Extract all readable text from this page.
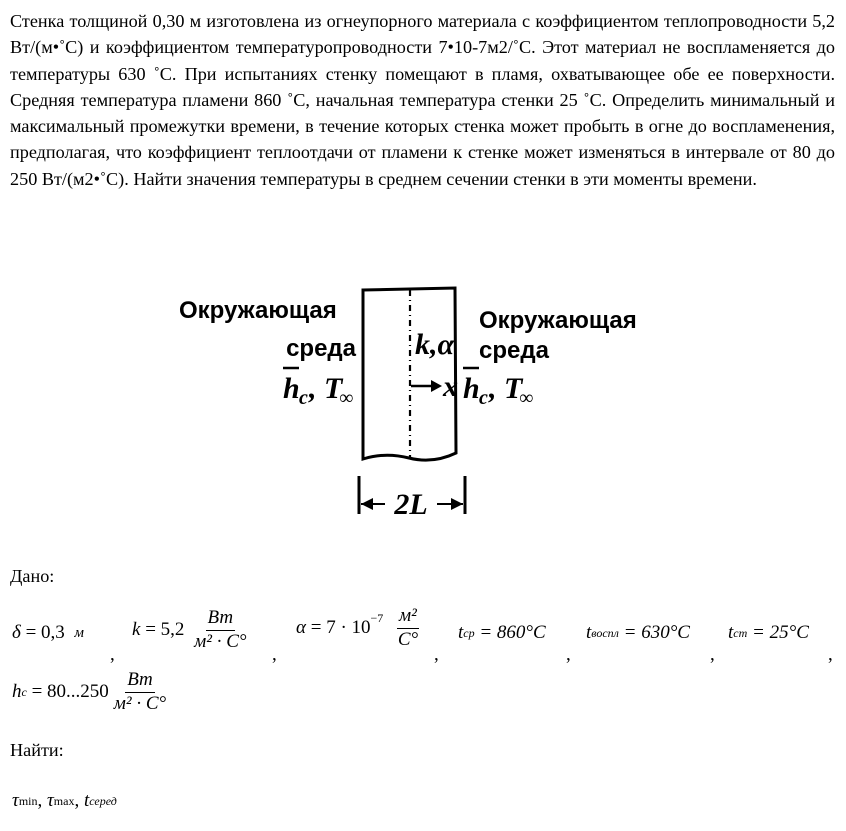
Стенка толщиной 0,30 м изготовлена из огнеупорного материала с коэффициентом теплопроводности 5,2 Вт/(м•˚С) и коэффициентом температуропроводности 7•10-7м2/˚С. Этот материал не воспламеняется до температуры 630 ˚С. При испытаниях стенку помещают в пламя, охватывающее обе ее поверхности. Средняя температура пламени 860 ˚С, начальная температура стенки 25 ˚С. Определить минимальный и максимальный промежутки времени, в течение которых стенка может пробыть в огне до воспламенения, предполагая, что коэффициент теплоотдачи от пламени к стенке может изменяться в интервале от 80 до 250 Вт/(м2•˚С). Найти значения температуры в среднем сечении стенки в эти моменты времени.

2L
Окружающая
среда
h c , T
∞
k,α
x
Окружающая
среда
h c , T
∞
Дано:
δ
= 0,3
м
,
k
= 5,2
$\frac{Вт}{\text{м² · С°}}$
,
α
= $7 \cdot 10^{-7}$
$\frac{\text{м²}}{С^\circ}$
,
t ср
= 860°C
,
t воспл
= 630°C
,
t ст
= 25°C
,
h c
= $80...250 \frac{Вт}{\text{м² · С°}}$
Найти:
τ min ,
τ max ,
t серед
